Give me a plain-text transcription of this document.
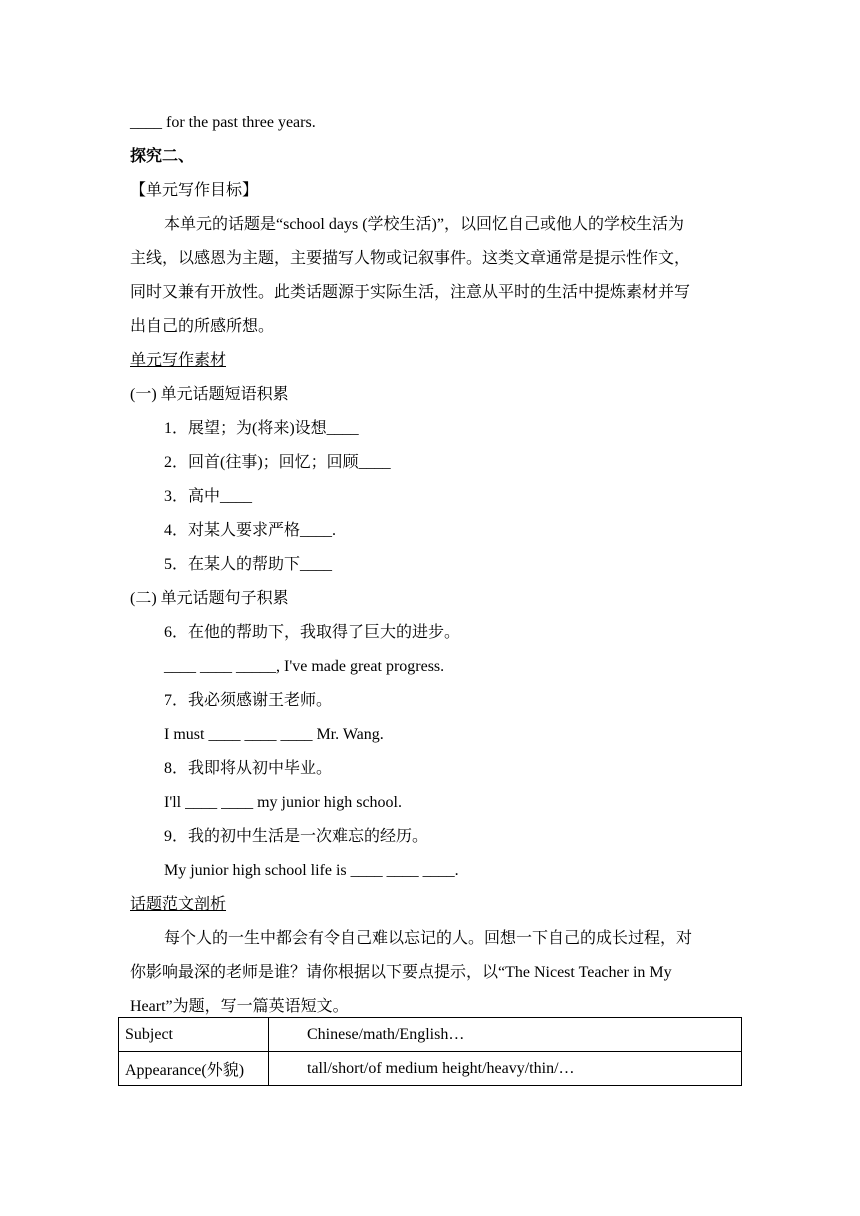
____ for the past three years.
探究二、
【单元写作目标】
本单元的话题是“school days (学校生活)”，以回忆自己或他人的学校生活为
主线，以感恩为主题，主要描写人物或记叙事件。这类文章通常是提示性作文，
同时又兼有开放性。此类话题源于实际生活，注意从平时的生活中提炼素材并写
出自己的所感所想。
单元写作素材
(一) 单元话题短语积累
1．展望；为(将来)设想____
2．回首(往事)；回忆；回顾____
3．高中____
4．对某人要求严格____.
5．在某人的帮助下____
(二) 单元话题句子积累
6．在他的帮助下，我取得了巨大的进步。
____ ____ _____, I've made great progress.
7．我必须感谢王老师。
I must ____ ____ ____ Mr. Wang.
8．我即将从初中毕业。
I'll ____ ____ my junior high school.
9．我的初中生活是一次难忘的经历。
My junior high school life is ____ ____ ____.
话题范文剖析
每个人的一生中都会有令自己难以忘记的人。回想一下自己的成长过程，对
你影响最深的老师是谁？请你根据以下要点提示，以“The Nicest Teacher in My
Heart”为题，写一篇英语短文。
Subject	Chinese/math/English…
Appearance(外貌)	tall/short/of medium height/heavy/thin/…
